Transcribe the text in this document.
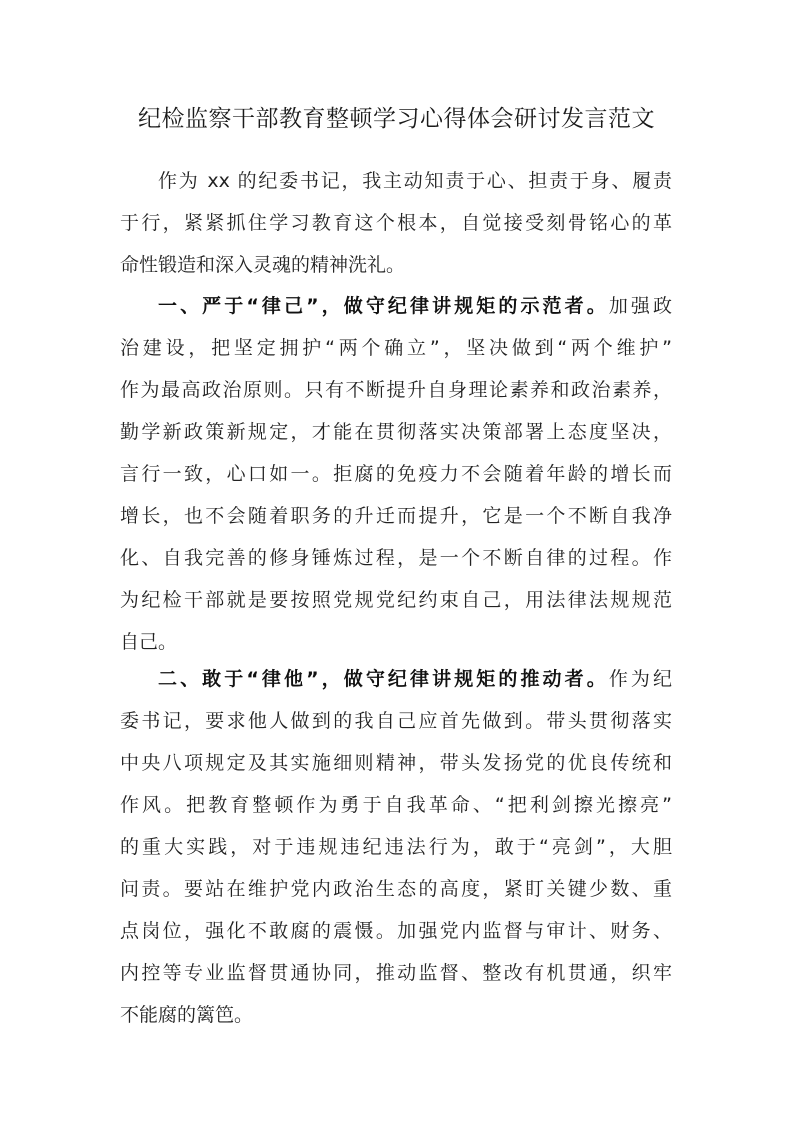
纪检监察干部教育整顿学习心得体会研讨发言范文
作为 xx 的纪委书记，我主动知责于心、担责于身、履责
于行，紧紧抓住学习教育这个根本，自觉接受刻骨铭心的革
命性锻造和深入灵魂的精神洗礼。
一、严于“律己”，做守纪律讲规矩的示范者。加强政
治建设，把坚定拥护“两个确立”，坚决做到“两个维护”
作为最高政治原则。只有不断提升自身理论素养和政治素养，
勤学新政策新规定，才能在贯彻落实决策部署上态度坚决，
言行一致，心口如一。拒腐的免疫力不会随着年龄的增长而
增长，也不会随着职务的升迁而提升，它是一个不断自我净
化、自我完善的修身锤炼过程，是一个不断自律的过程。作
为纪检干部就是要按照党规党纪约束自己，用法律法规规范
自己。
二、敢于“律他”，做守纪律讲规矩的推动者。作为纪
委书记，要求他人做到的我自己应首先做到。带头贯彻落实
中央八项规定及其实施细则精神，带头发扬党的优良传统和
作风。把教育整顿作为勇于自我革命、“把利剑擦光擦亮”
的重大实践，对于违规违纪违法行为，敢于“亮剑”，大胆
问责。要站在维护党内政治生态的高度，紧盯关键少数、重
点岗位，强化不敢腐的震慑。加强党内监督与审计、财务、
内控等专业监督贯通协同，推动监督、整改有机贯通，织牢
不能腐的篱笆。
